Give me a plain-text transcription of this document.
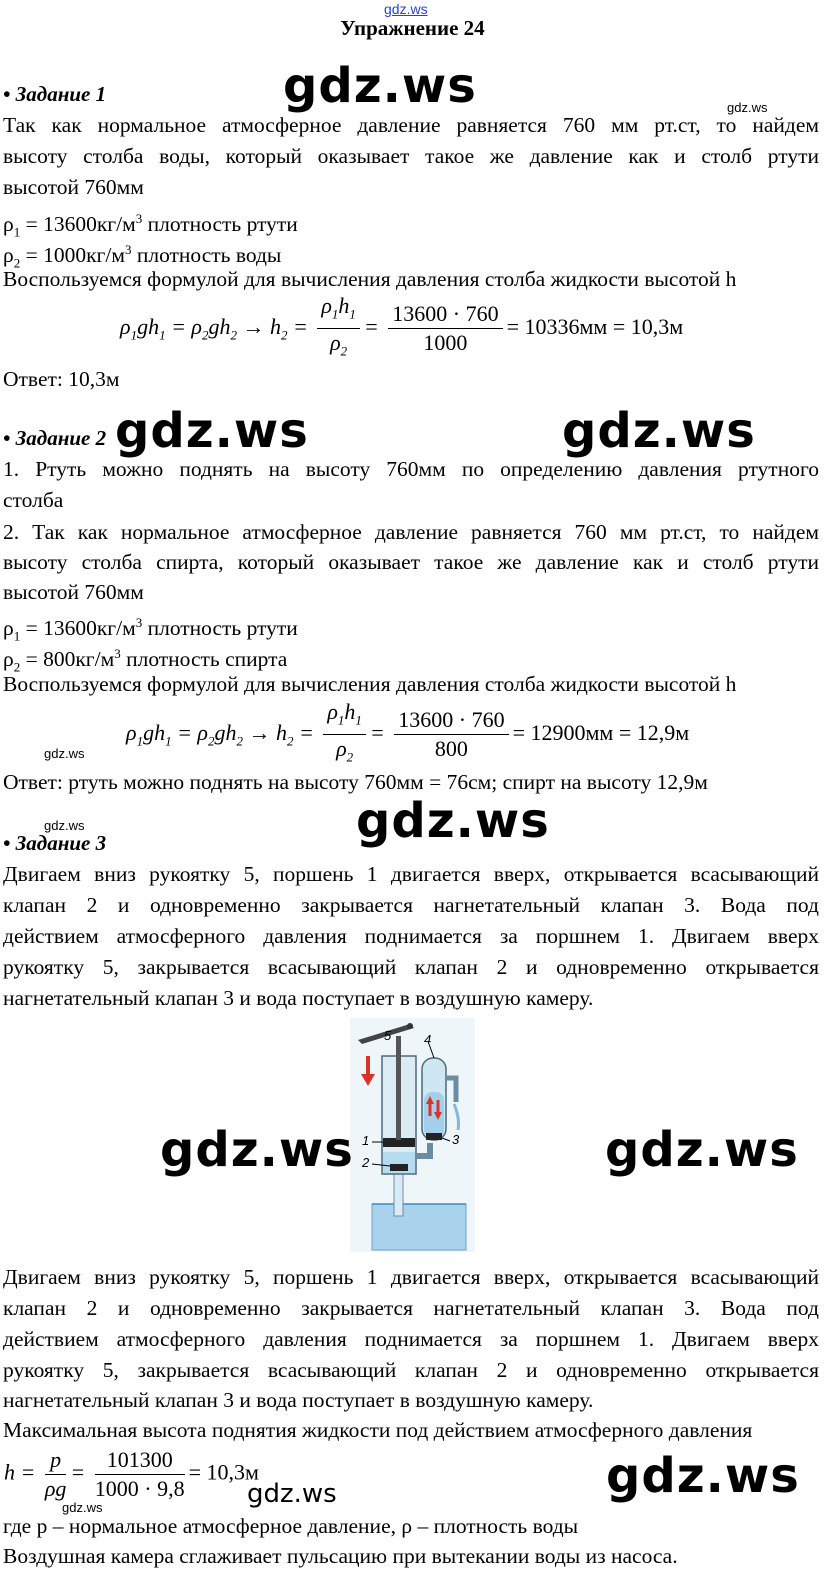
gdz.ws
Упражнение 24
• Задание 1	gdz.ws	gdz.ws
Так как нормальное атмосферное давление равняется 760 мм рт.ст, то найдем
высоту столба воды, который оказывает такое же давление как и столб ртути
высотой 760мм
$\rho_1 = 13600кг/м^3$ плотность ртути
$\rho_2 = 1000кг/м^3$ плотность воды
Воспользуемся формулой для вычисления давления столба жидкости высотой h
$\rho_1gh_1 = \rho_2gh_2 \to h_2 = \frac{\rho_1h_1}{\rho_2} = \frac{13600 \cdot 760}{1000} = 10336мм = 10,3м$
Ответ: 10,3м
• Задание 2 gdz.ws	gdz.ws
1. Ртуть можно поднять на высоту 760мм по определению давления ртутного
столба
2. Так как нормальное атмосферное давление равняется 760 мм рт.ст, то найдем
высоту столба спирта, который оказывает такое же давление как и столб ртути
высотой 760мм
$\rho_1 = 13600кг/м^3$ плотность ртути
$\rho_2 = 800кг/м^3$ плотность спирта
Воспользуемся формулой для вычисления давления столба жидкости высотой h
$\rho_1gh_1 = \rho_2gh_2 \to h_2 = \frac{\rho_1h_1}{\rho_2} = \frac{13600 \cdot 760}{800} = 12900мм = 12,9м$
gdz.ws
Ответ: ртуть можно поднять на высоту 760мм = 76см; спирт на высоту 12,9м
gdz.ws	gdz.ws
• Задание 3
Двигаем вниз рукоятку 5, поршень 1 двигается вверх, открывается всасывающий
клапан 2 и одновременно закрывается нагнетательный клапан 3. Вода под
действием атмосферного давления поднимается за поршнем 1. Двигаем вверх
рукоятку 5, закрывается всасывающий клапан 2 и одновременно открывается
нагнетательный клапан 3 и вода поступает в воздушную камеру.
5	4
1
2
3
gdz.ws	gdz.ws
Двигаем вниз рукоятку 5, поршень 1 двигается вверх, открывается всасывающий
клапан 2 и одновременно закрывается нагнетательный клапан 3. Вода под
действием атмосферного давления поднимается за поршнем 1. Двигаем вверх
рукоятку 5, закрывается всасывающий клапан 2 и одновременно открывается
нагнетательный клапан 3 и вода поступает в воздушную камеру.
Максимальная высота поднятия жидкости под действием атмосферного давления
$h = \frac{p}{\rho g} = \frac{101300}{1000 \cdot 9,8} = 10,3м$	gdz.ws
gdz.ws	gdz.ws
где p – нормальное атмосферное давление, ρ – плотность воды
Воздушная камера сглаживает пульсацию при вытекании воды из насоса.
